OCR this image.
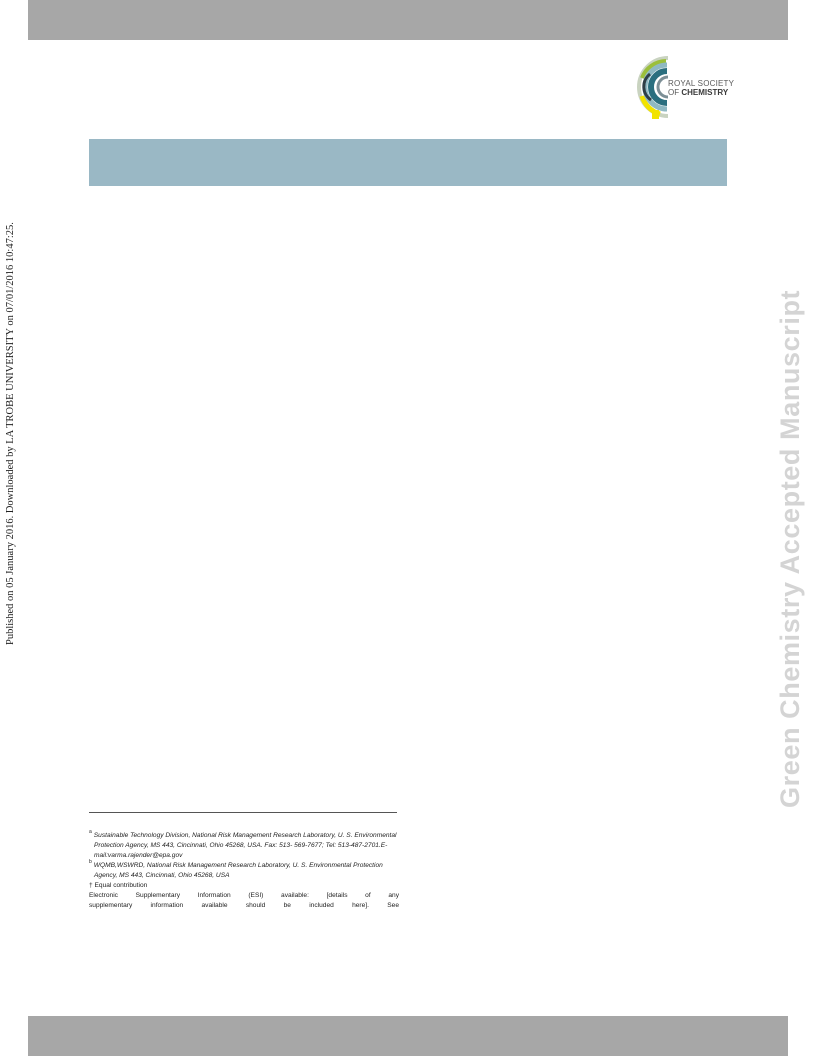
ROYAL SOCIETY
OF CHEMISTRY
Published on 05 January 2016. Downloaded by LA TROBE UNIVERSITY on 07/01/2016 10:47:25.	Green Chemistry Accepted Manuscript

$^a$ Sustainable Technology Division, National Risk Management Research Laboratory, U. S. Environmental Protection Agency, MS 443, Cincinnati, Ohio 45268, USA. Fax: 513- 569-7677; Tel: 513-487-2701.E-mail:varma.rajender@epa.gov

$^b$ WQMB,WSWRD, National Risk Management Research Laboratory, U. S. Environmental Protection Agency, MS 443, Cincinnati, Ohio 45268, USA

† Equal contribution

Electronic Supplementary Information (ESI) available: [details of any

supplementary information available should be included here]. See
